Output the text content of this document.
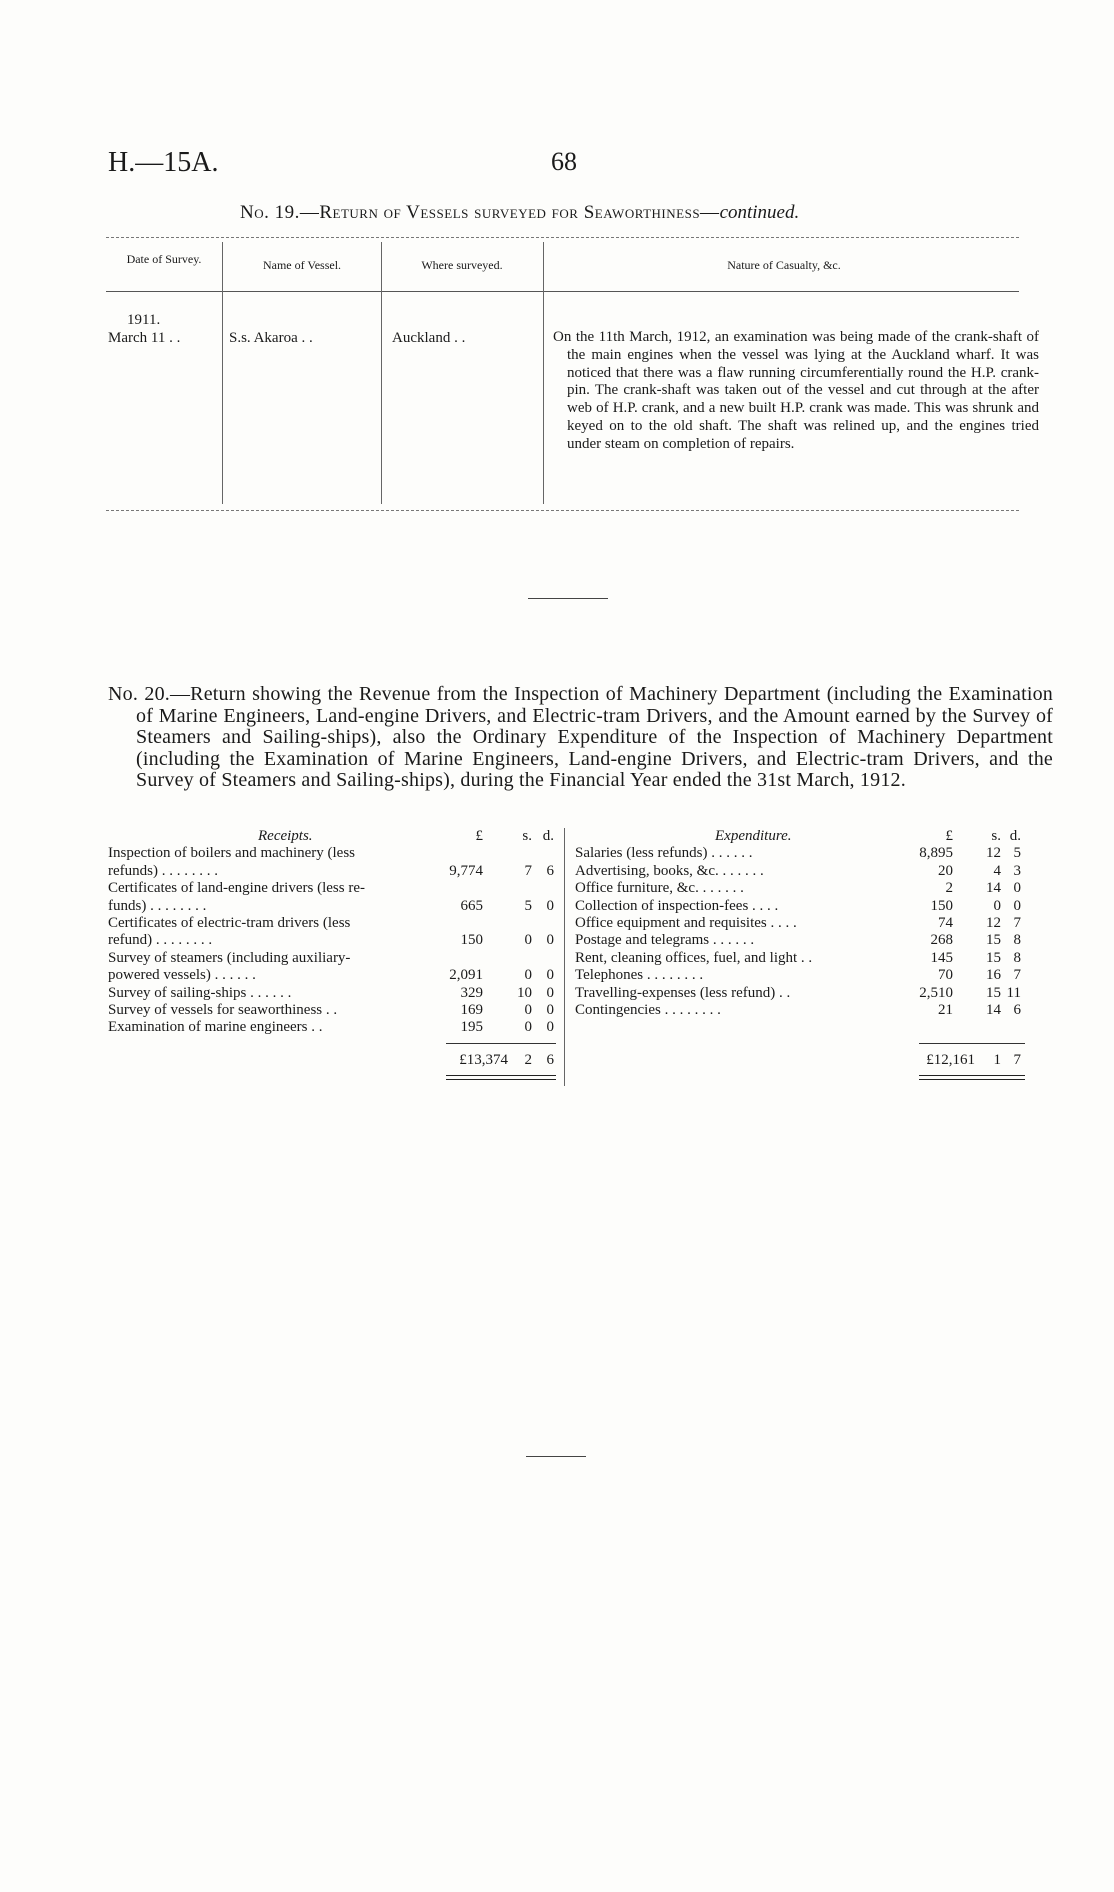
H.—15A.	68
No. 19.—Return of Vessels surveyed for Seaworthiness—continued.
Date of Survey.	Name of Vessel.	Where surveyed.	Nature of Casualty, &c.
1911.
March 11 . .	S.s. Akaroa . .	Auckland . .	On the 11th March, 1912, an examination was being made of the crank-shaft of the main engines when the vessel was lying at the Auckland wharf. It was noticed that there was a flaw running circumferentially round the H.P. crank-pin. The crank-shaft was taken out of the vessel and cut through at the after web of H.P. crank, and a new built H.P. crank was made. This was shrunk and keyed on to the old shaft. The shaft was relined up, and the engines tried under steam on completion of repairs.
No. 20.—Return showing the Revenue from the Inspection of Machinery Department (including the Examination of Marine Engineers, Land-engine Drivers, and Electric-tram Drivers, and the Amount earned by the Survey of Steamers and Sailing-ships), also the Ordinary Expenditure of the Inspection of Machinery Department (including the Examination of Marine Engineers, Land-engine Drivers, and Electric-tram Drivers, and the Survey of Steamers and Sailing-ships), during the Financial Year ended the 31st March, 1912.
Receipts.	£	s. d.
Inspection of boilers and machinery (less
refunds) . . . . . . . .	9,774	7 6
Certificates of land-engine drivers (less re-
funds) . . . . . . . .	665	5 0
Certificates of electric-tram drivers (less
refund) . . . . . . . .	150	0 0
Survey of steamers (including auxiliary-
powered vessels) . . . . . .	2,091	0 0
Survey of sailing-ships . . . . . .	329	10 0
Survey of vessels for seaworthiness . .	169	0 0
Examination of marine engineers . .	195	0 0
£13,374	2 6
Expenditure.	£	s. d.
Salaries (less refunds) . . . . . .	8,895	12 5
Advertising, books, &c. . . . . . .	20	4 3
Office furniture, &c. . . . . . .	2	14 0
Collection of inspection-fees . . . .	150	0 0
Office equipment and requisites . . . .	74	12 7
Postage and telegrams . . . . . .	268	15 8
Rent, cleaning offices, fuel, and light . .	145	15 8
Telephones . . . . . . . .	70	16 7
Travelling-expenses (less refund) . .	2,510	15 11
Contingencies . . . . . . . .	21	14 6
£12,161	1 7
